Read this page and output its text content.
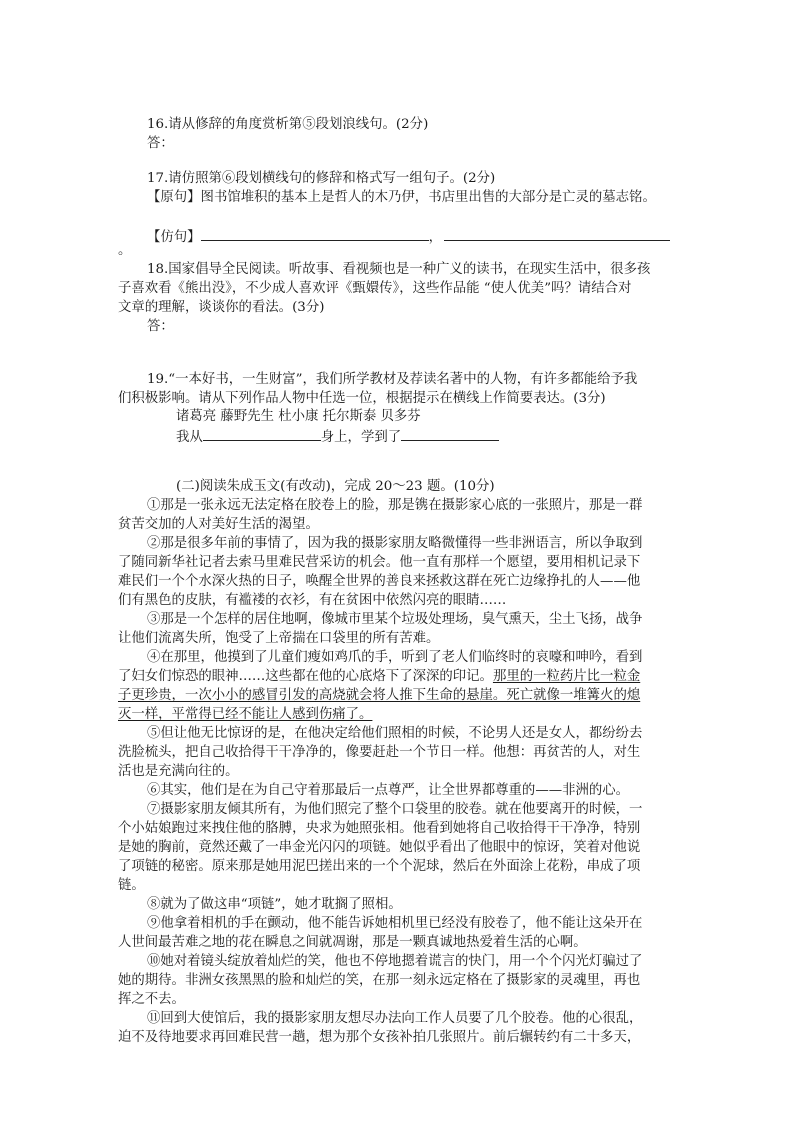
16.请从修辞的角度赏析第⑤段划浪线句。(2分)
答：
17.请仿照第⑥段划横线句的修辞和格式写一组句子。(2分)
【原句】图书馆堆积的基本上是哲人的木乃伊，书店里出售的大部分是亡灵的墓志铭。
【仿句】	，
。
18.国家倡导全民阅读。听故事、看视频也是一种广义的读书，在现实生活中，很多孩
子喜欢看《熊出没》，不少成人喜欢评《甄嬛传》，这些作品能 “使人优美”吗？请结合对
文章的理解，谈谈你的看法。(3分)
答：
19.“一本好书，一生财富”，我们所学教材及荐读名著中的人物，有许多都能给予我
们积极影响。请从下列作品人物中任选一位，根据提示在横线上作简要表达。(3分)
诸葛亮 藤野先生 杜小康 托尔斯泰 贝多芬
我从	身上，学到了
(二)阅读朱成玉文(有改动)，完成 20～23 题。(10分)
①那是一张永远无法定格在胶卷上的脸，那是镌在摄影家心底的一张照片，那是一群
贫苦交加的人对美好生活的渴望。
②那是很多年前的事情了，因为我的摄影家朋友略微懂得一些非洲语言，所以争取到
了随同新华社记者去索马里难民营采访的机会。他一直有那样一个愿望，要用相机记录下
难民们一个个水深火热的日子，唤醒全世界的善良来拯救这群在死亡边缘挣扎的人——他
们有黑色的皮肤，有褴褛的衣衫，有在贫困中依然闪亮的眼睛……
③那是一个怎样的居住地啊，像城市里某个垃圾处理场，臭气熏天，尘土飞扬，战争
让他们流离失所，饱受了上帝揣在口袋里的所有苦难。
④在那里，他摸到了儿童们瘦如鸡爪的手，听到了老人们临终时的哀嚎和呻吟，看到
了妇女们惊恐的眼神……这些都在他的心底烙下了深深的印记。那里的一粒药片比一粒金
子更珍贵，一次小小的感冒引发的高烧就会将人推下生命的悬崖。死亡就像一堆篝火的熄
灭一样，平常得已经不能让人感到伤痛了。
⑤但让他无比惊讶的是，在他决定给他们照相的时候，不论男人还是女人，都纷纷去
洗脸梳头，把自己收拾得干干净净的，像要赶赴一个节日一样。他想：再贫苦的人，对生
活也是充满向往的。
⑥其实，他们是在为自己守着那最后一点尊严，让全世界都尊重的——非洲的心。
⑦摄影家朋友倾其所有，为他们照完了整个口袋里的胶卷。就在他要离开的时候，一
个小姑娘跑过来拽住他的胳膊，央求为她照张相。他看到她将自己收拾得干干净净，特别
是她的胸前，竟然还戴了一串金光闪闪的项链。她似乎看出了他眼中的惊讶，笑着对他说
了项链的秘密。原来那是她用泥巴搓出来的一个个泥球，然后在外面涂上花粉，串成了项
链。
⑧就为了做这串“项链”，她才耽搁了照相。
⑨他拿着相机的手在颤动，他不能告诉她相机里已经没有胶卷了，他不能让这朵开在
人世间最苦难之地的花在瞬息之间就凋谢，那是一颗真诚地热爱着生活的心啊。
⑩她对着镜头绽放着灿烂的笑，他也不停地摁着谎言的快门，用一个个闪光灯骗过了
她的期待。非洲女孩黑黑的脸和灿烂的笑，在那一刻永远定格在了摄影家的灵魂里，再也
挥之不去。
⑪回到大使馆后，我的摄影家朋友想尽办法向工作人员要了几个胶卷。他的心很乱，
迫不及待地要求再回难民营一趟，想为那个女孩补拍几张照片。前后辗转约有二十多天，
